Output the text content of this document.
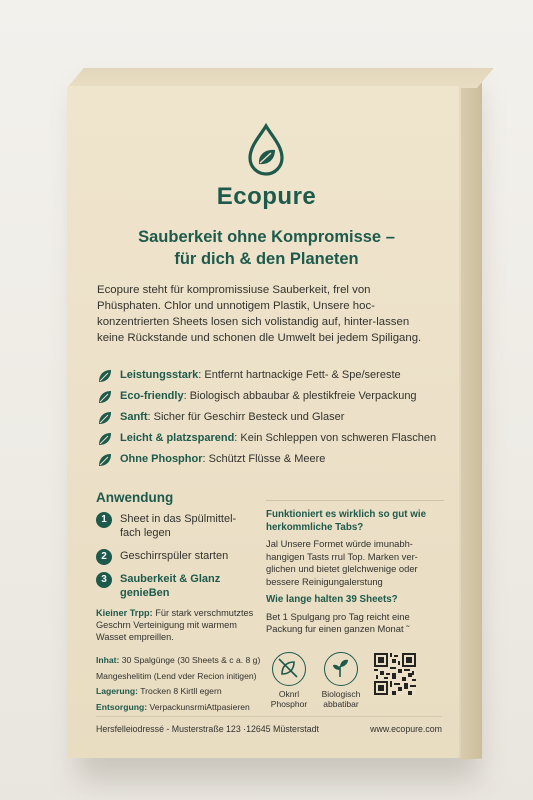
Ecopure
Sauberkeit ohne Kompromisse –
für dich & den Planeten

Ecopure steht für kompromissiuse Sauberkeit, frel von Phüsphaten. Chlor und unnotigem Plastik, Unsere hoc-konzentrierten Sheets losen sich volistandig auf, hinter-lassen keine Rückstande und schonen dle Umwelt bei jedem Spiligang.

Leistungsstark: Entfernt hartnackige Fett- & Spe/sereste
Eco-friendly: Biologisch abbaubar & plestikfreie Verpackung
Sanft: Sicher für Geschirr Besteck und Glaser
Leicht & platzsparend: Kein Schleppen von schweren Flaschen
Ohne Phosphor: Schützt Flüsse & Meere
Anwendung
1	Sheet in das Spülmittel-fach legen
2	Geschirrspüler starten
3	Sauberkeit & Glanz genieBen

Kieiner Trpp: Für stark verschmutztes Geschrn Verteinigung mit warmem Wasset empreillen.

Inhat: 30 Spalgünge (30 Sheets & c a. 8 g)

Mangeshelitim (Lend vder Recion initigen)

Lagerung: Trocken 8 Kirtll egern

Entsorgung: VerpackunsrmiAttpasieren

Funktioniert es wirklich so gut wie herkommliche Tabs?
Jal Unsere Formet würde imunabh-hangigen Tasts rrul Top. Marken ver-glichen und bietet glelchwenige oder bessere Reinigungalerstung
Wie lange halten 39 Sheets?
Bet 1 Spulgang pro Tag reicht eine Packung fur einen ganzen Monat ˜
Oknrl Phosphor
Biologisch abbatibar
Hersfelleiodressé - Musterstraße 123 ·12645 Müsterstadt	www.ecopure.com
